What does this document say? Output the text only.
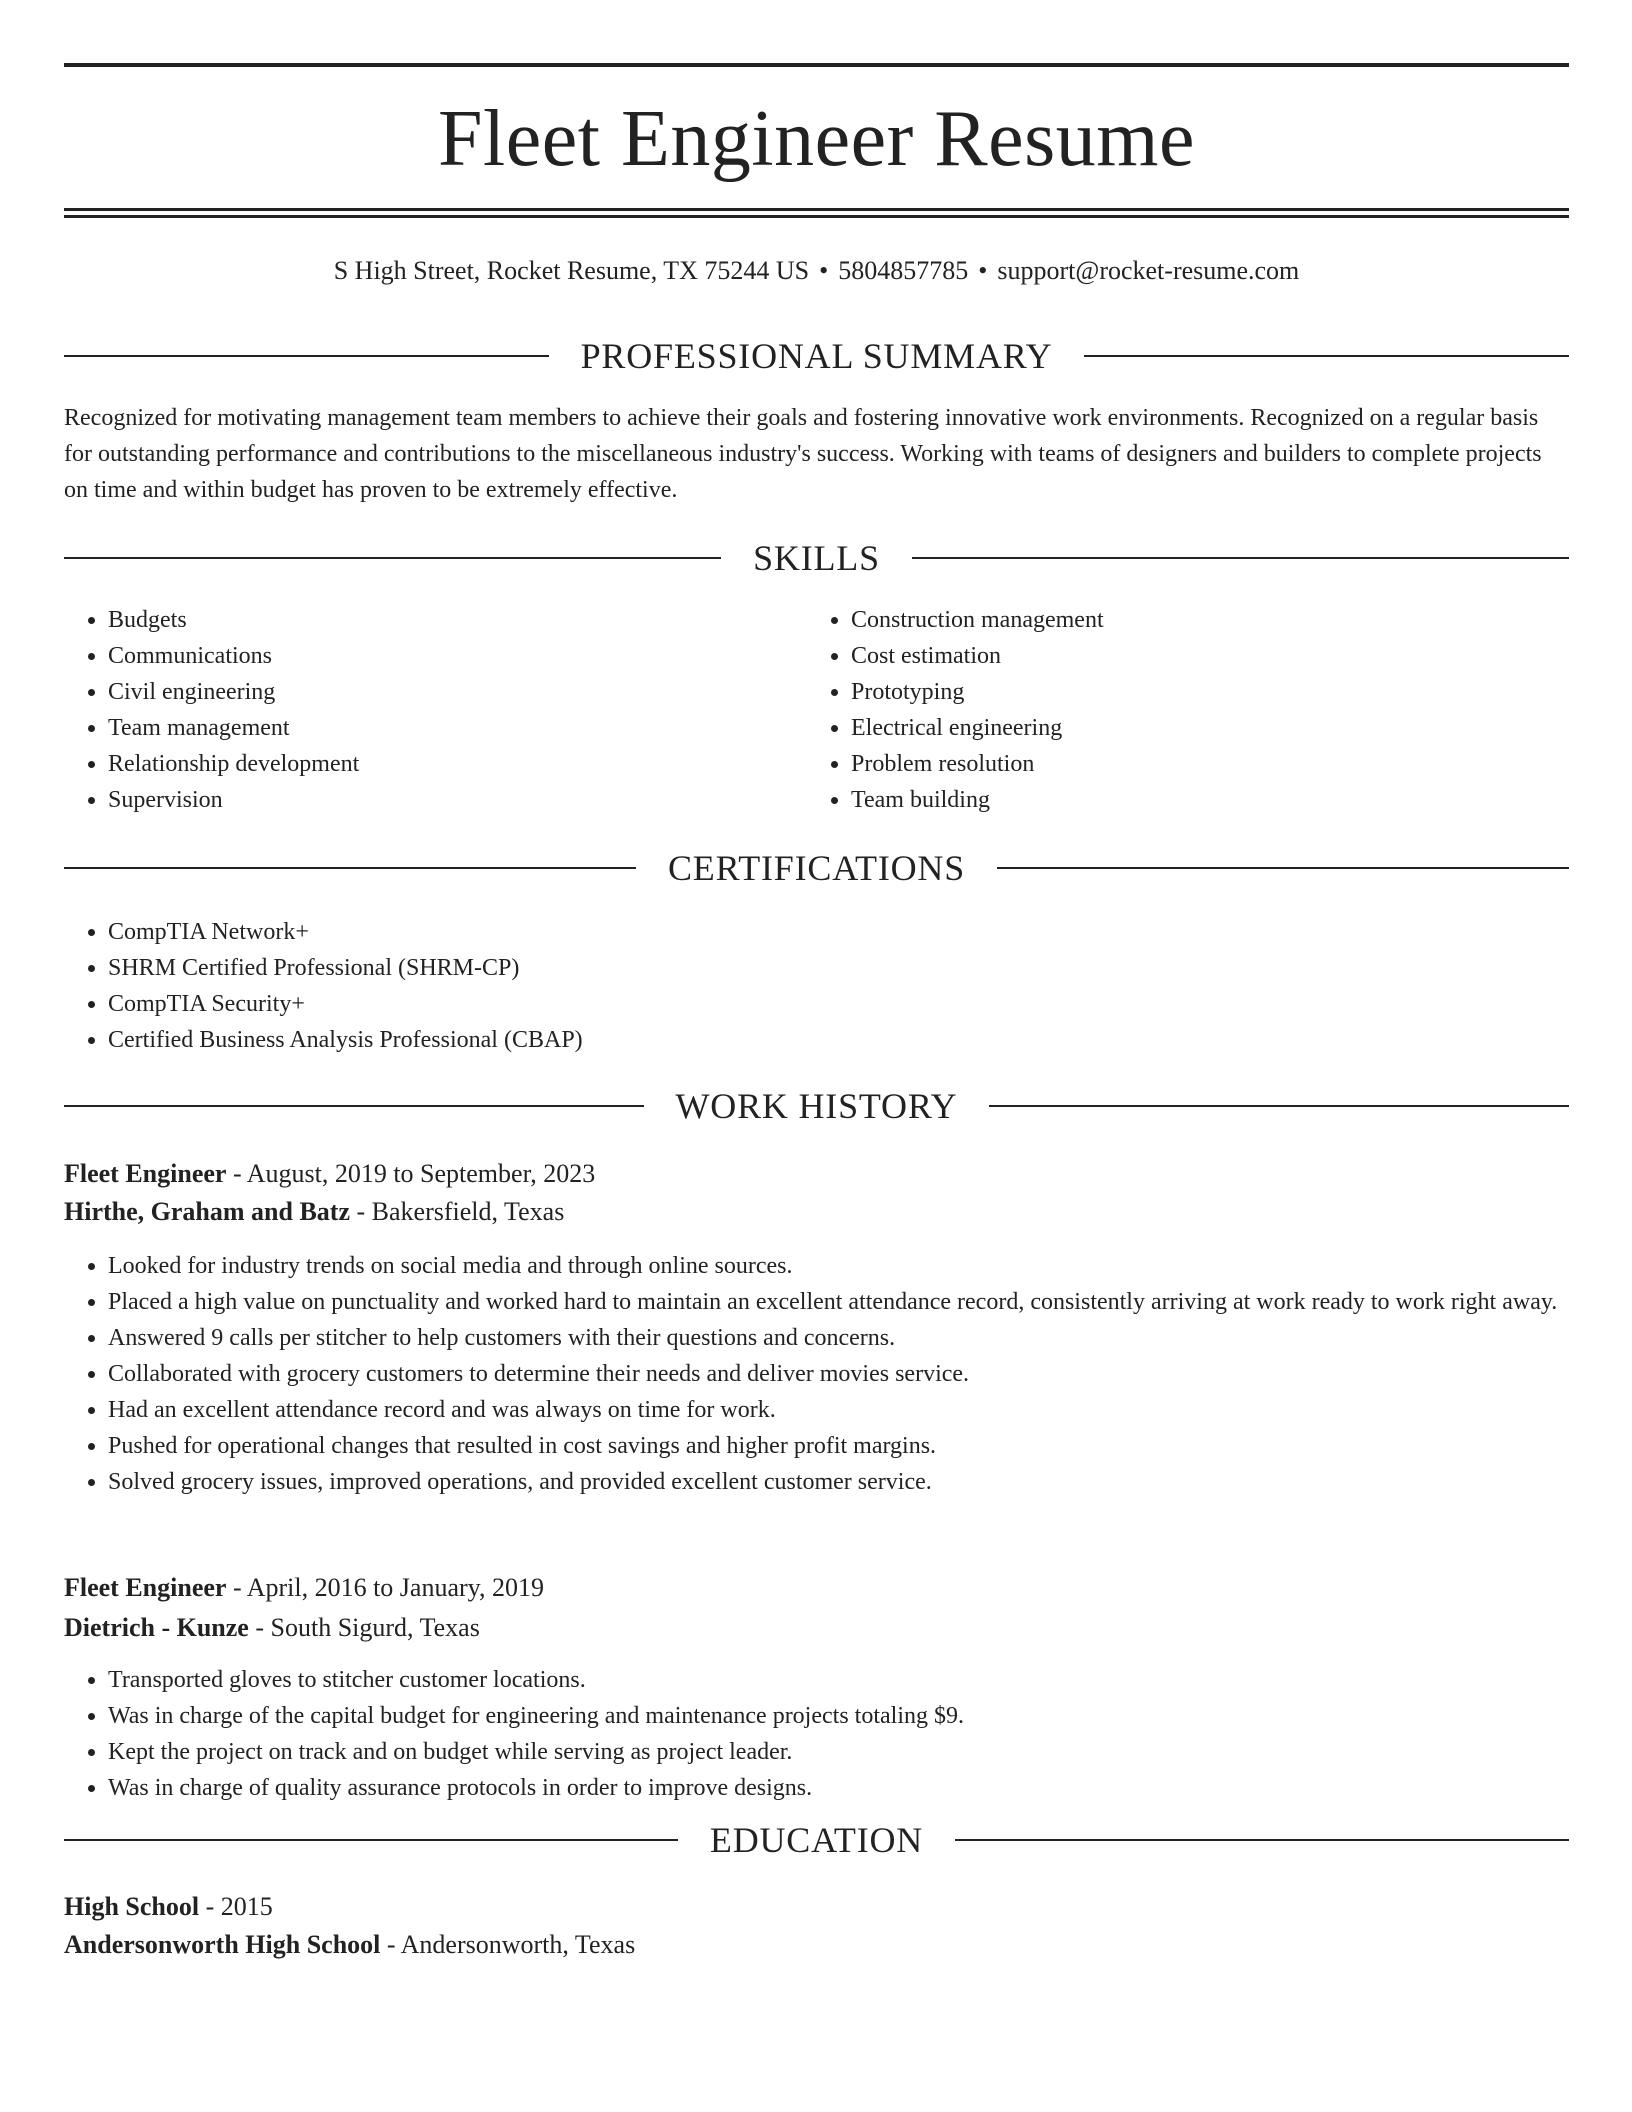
Fleet Engineer Resume
S High Street, Rocket Resume, TX 75244 US • 5804857785 • support@rocket-resume.com
PROFESSIONAL SUMMARY
Recognized for motivating management team members to achieve their goals and fostering innovative work environments. Recognized on a regular basis for outstanding performance and contributions to the miscellaneous industry's success. Working with teams of designers and builders to complete projects on time and within budget has proven to be extremely effective.
SKILLS
• Budgets
• Communications
• Civil engineering
• Team management
• Relationship development
• Supervision
• Construction management
• Cost estimation
• Prototyping
• Electrical engineering
• Problem resolution
• Team building
CERTIFICATIONS
• CompTIA Network+
• SHRM Certified Professional (SHRM-CP)
• CompTIA Security+
• Certified Business Analysis Professional (CBAP)
WORK HISTORY
Fleet Engineer - August, 2019 to September, 2023
Hirthe, Graham and Batz - Bakersfield, Texas
• Looked for industry trends on social media and through online sources.
• Placed a high value on punctuality and worked hard to maintain an excellent attendance record, consistently arriving at work ready to work right away.
• Answered 9 calls per stitcher to help customers with their questions and concerns.
• Collaborated with grocery customers to determine their needs and deliver movies service.
• Had an excellent attendance record and was always on time for work.
• Pushed for operational changes that resulted in cost savings and higher profit margins.
• Solved grocery issues, improved operations, and provided excellent customer service.
Fleet Engineer - April, 2016 to January, 2019
Dietrich - Kunze - South Sigurd, Texas
• Transported gloves to stitcher customer locations.
• Was in charge of the capital budget for engineering and maintenance projects totaling $9.
• Kept the project on track and on budget while serving as project leader.
• Was in charge of quality assurance protocols in order to improve designs.
EDUCATION
High School - 2015
Andersonworth High School - Andersonworth, Texas
